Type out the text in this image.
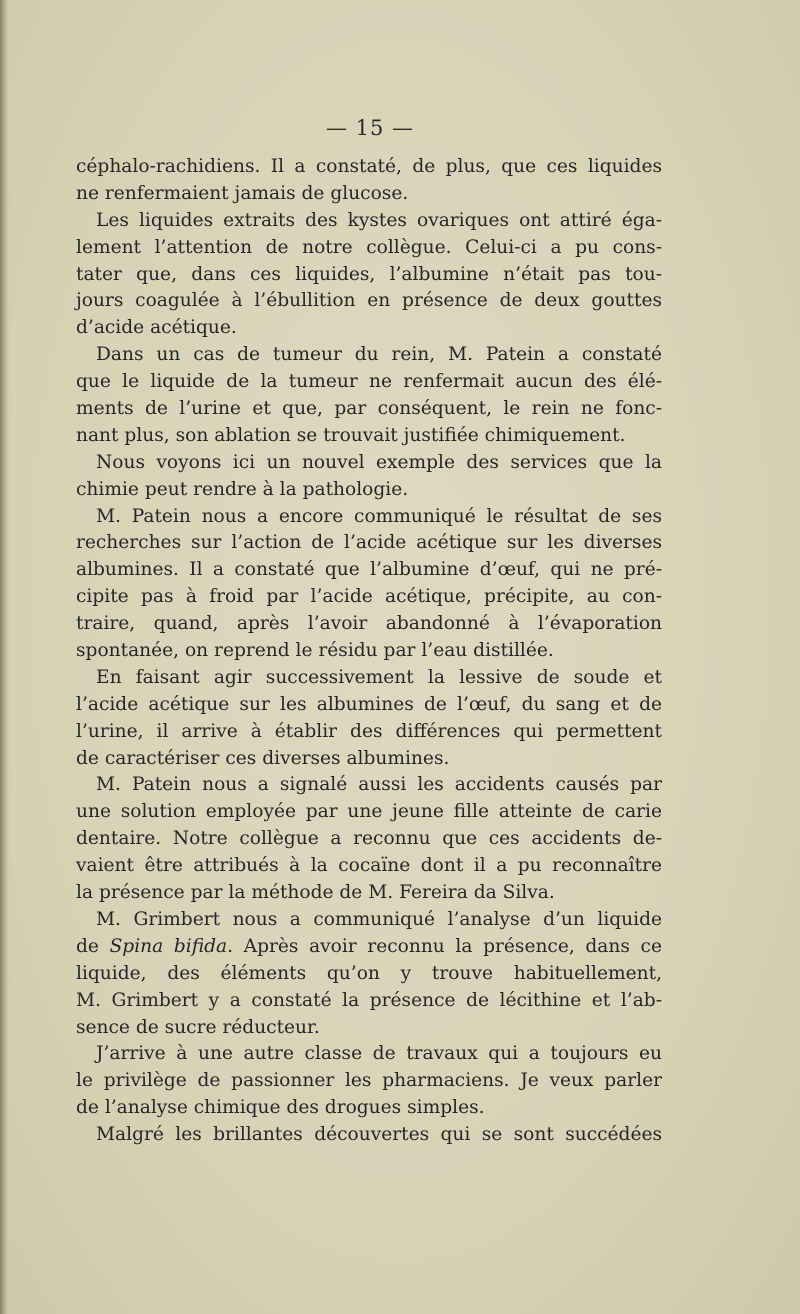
— 15 —
céphalo-rachidiens. Il a constaté, de plus, que ces liquides
ne renfermaient jamais de glucose.
Les liquides extraits des kystes ovariques ont attiré éga-
lement l’attention de notre collègue. Celui-ci a pu cons-
tater que, dans ces liquides, l’albumine n’était pas tou-
jours coagulée à l’ébullition en présence de deux gouttes
d’acide acétique.
Dans un cas de tumeur du rein, M. Patein a constaté
que le liquide de la tumeur ne renfermait aucun des élé-
ments de l’urine et que, par conséquent, le rein ne fonc-
nant plus, son ablation se trouvait justifiée chimiquement.
Nous voyons ici un nouvel exemple des services que la
chimie peut rendre à la pathologie.
M. Patein nous a encore communiqué le résultat de ses
recherches sur l’action de l’acide acétique sur les diverses
albumines. Il a constaté que l’albumine d’œuf, qui ne pré-
cipite pas à froid par l’acide acétique, précipite, au con-
traire, quand, après l’avoir abandonné à l’évaporation
spontanée, on reprend le résidu par l’eau distillée.
En faisant agir successivement la lessive de soude et
l’acide acétique sur les albumines de l’œuf, du sang et de
l’urine, il arrive à établir des différences qui permettent
de caractériser ces diverses albumines.
M. Patein nous a signalé aussi les accidents causés par
une solution employée par une jeune fille atteinte de carie
dentaire. Notre collègue a reconnu que ces accidents de-
vaient être attribués à la cocaïne dont il a pu reconnaître
la présence par la méthode de M. Fereira da Silva.
M. Grimbert nous a communiqué l’analyse d’un liquide
de Spina bifida. Après avoir reconnu la présence, dans ce
liquide, des éléments qu’on y trouve habituellement,
M. Grimbert y a constaté la présence de lécithine et l’ab-
sence de sucre réducteur.
J’arrive à une autre classe de travaux qui a toujours eu
le privilège de passionner les pharmaciens. Je veux parler
de l’analyse chimique des drogues simples.
Malgré les brillantes découvertes qui se sont succédées
